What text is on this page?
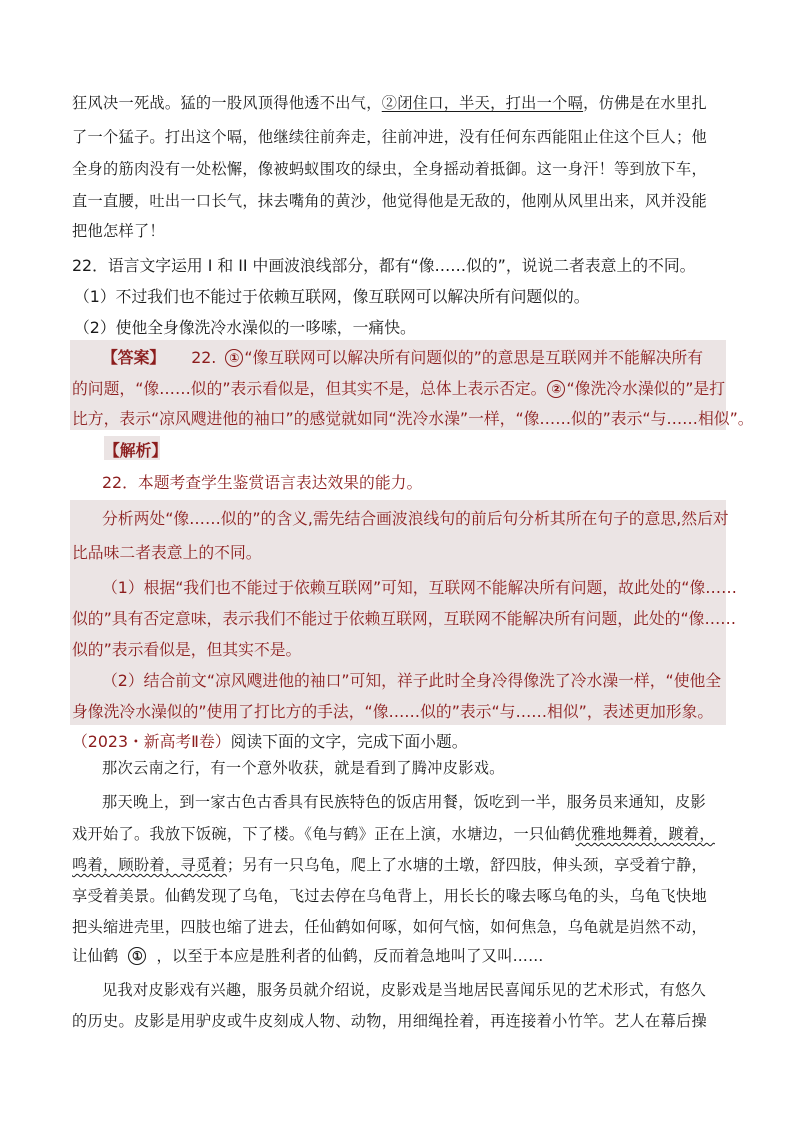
狂风决一死战。猛的一股风顶得他透不出气，②闭住口，半天，打出一个嗝，仿佛是在水里扎
了一个猛子。打出这个嗝，他继续往前奔走，往前冲进，没有任何东西能阻止住这个巨人；他
全身的筋肉没有一处松懈，像被蚂蚁围攻的绿虫，全身摇动着抵御。这一身汗！等到放下车，
直一直腰，吐出一口长气，抹去嘴角的黄沙，他觉得他是无敌的，他刚从风里出来，风并没能
把他怎样了！
22．语言文字运用 I 和 II 中画波浪线部分，都有“像……似的”，说说二者表意上的不同。
（1）不过我们也不能过于依赖互联网，像互联网可以解决所有问题似的。
（2）使他全身像洗冷水澡似的一哆嗦，一痛快。
【答案】 22. ① “像互联网可以解决所有问题似的”的意思是互联网并不能解决所有
的问题，“像……似的”表示看似是，但其实不是，总体上表示否定。 ② “像洗冷水澡似的”是打
比方，表示“凉风飕进他的袖口”的感觉就如同“洗冷水澡”一样，“像……似的”表示“与……相似”。
【解析】
22．本题考查学生鉴赏语言表达效果的能力。
分析两处“像……似的”的含义,需先结合画波浪线句的前后句分析其所在句子的意思,然后对
比品味二者表意上的不同。
（1）根据“我们也不能过于依赖互联网”可知，互联网不能解决所有问题，故此处的“像……
似的”具有否定意味，表示我们不能过于依赖互联网，互联网不能解决所有问题，此处的“像……
似的”表示看似是，但其实不是。
（2）结合前文“凉风飕进他的袖口”可知，祥子此时全身冷得像洗了冷水澡一样，“使他全
身像洗冷水澡似的”使用了打比方的手法，“像……似的”表示“与……相似”，表述更加形象。
（2023・新高考Ⅱ卷）阅读下面的文字，完成下面小题。
那次云南之行，有一个意外收获，就是看到了腾冲皮影戏。
那天晚上，到一家古色古香具有民族特色的饭店用餐，饭吃到一半，服务员来通知，皮影
戏开始了。我放下饭碗，下了楼。《龟与鹤》正在上演，水塘边，一只仙鹤优雅地舞着，踱着，
鸣着，顾盼着，寻觅着；另有一只乌龟，爬上了水塘的土墩，舒四肢，伸头颈，享受着宁静，
享受着美景。仙鹤发现了乌龟，飞过去停在乌龟背上，用长长的喙去啄乌龟的头，乌龟飞快地
把头缩进壳里，四肢也缩了进去，任仙鹤如何啄，如何气恼，如何焦急，乌龟就是岿然不动，
让仙鹤 ① ，以至于本应是胜利者的仙鹤，反而着急地叫了又叫……
见我对皮影戏有兴趣，服务员就介绍说，皮影戏是当地居民喜闻乐见的艺术形式，有悠久
的历史。皮影是用驴皮或牛皮刻成人物、动物，用细绳拴着，再连接着小竹竿。艺人在幕后操
